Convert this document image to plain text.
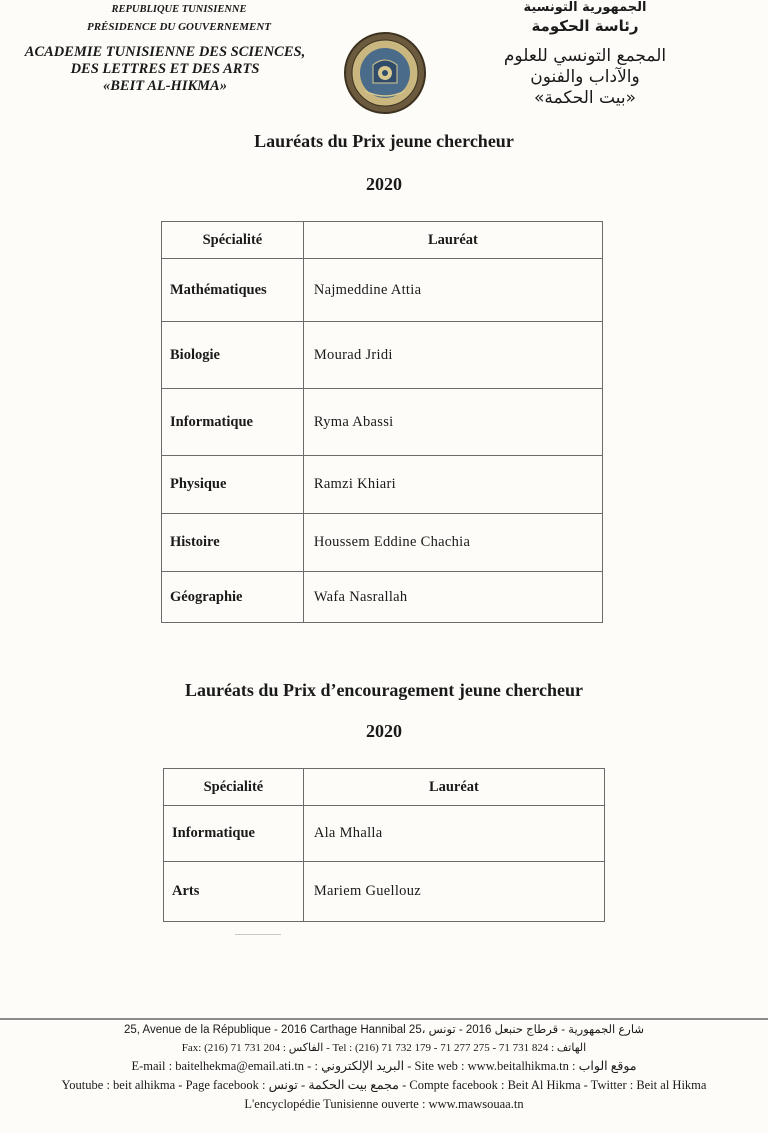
REPUBLIQUE TUNISIENNE
PRÉSIDENCE DU GOUVERNEMENT
ACADEMIE TUNISIENNE DES SCIENCES,
DES LETTRES ET DES ARTS
«BEIT AL-HIKMA»
الجمهورية التونسية
رئاسة الحكومة
المجمع التونسي للعلوم
والآداب والفنون
«بيت الحكمة»
Lauréats du Prix jeune chercheur
2020
Spécialité	Lauréat
Mathématiques	Najmeddine Attia
Biologie	Mourad Jridi
Informatique	Ryma Abassi
Physique	Ramzi Khiari
Histoire	Houssem Eddine Chachia
Géographie	Wafa Nasrallah
Lauréats du Prix d’encouragement jeune chercheur
2020
Spécialité	Lauréat
Informatique	Ala Mhalla
Arts	Mariem Guellouz
25, Avenue de la République - 2016 Carthage Hannibal 25، شارع الجمهورية - قرطاج حنبعل 2016 - تونس
Fax: (216) 71 731 204 : الفاكس - Tel : (216) 71 732 179 - 71 277 275 - 71 731 824 : الهاتف
E-mail : baitelhekma@email.ati.tn - : البريد الإلكتروني - Site web : www.beitalhikma.tn : موقع الواب
Youtube : beit alhikma - Page facebook : مجمع بيت الحكمة - تونس - Compte facebook : Beit Al Hikma - Twitter : Beit al Hikma
L'encyclopédie Tunisienne ouverte : www.mawsouaa.tn
